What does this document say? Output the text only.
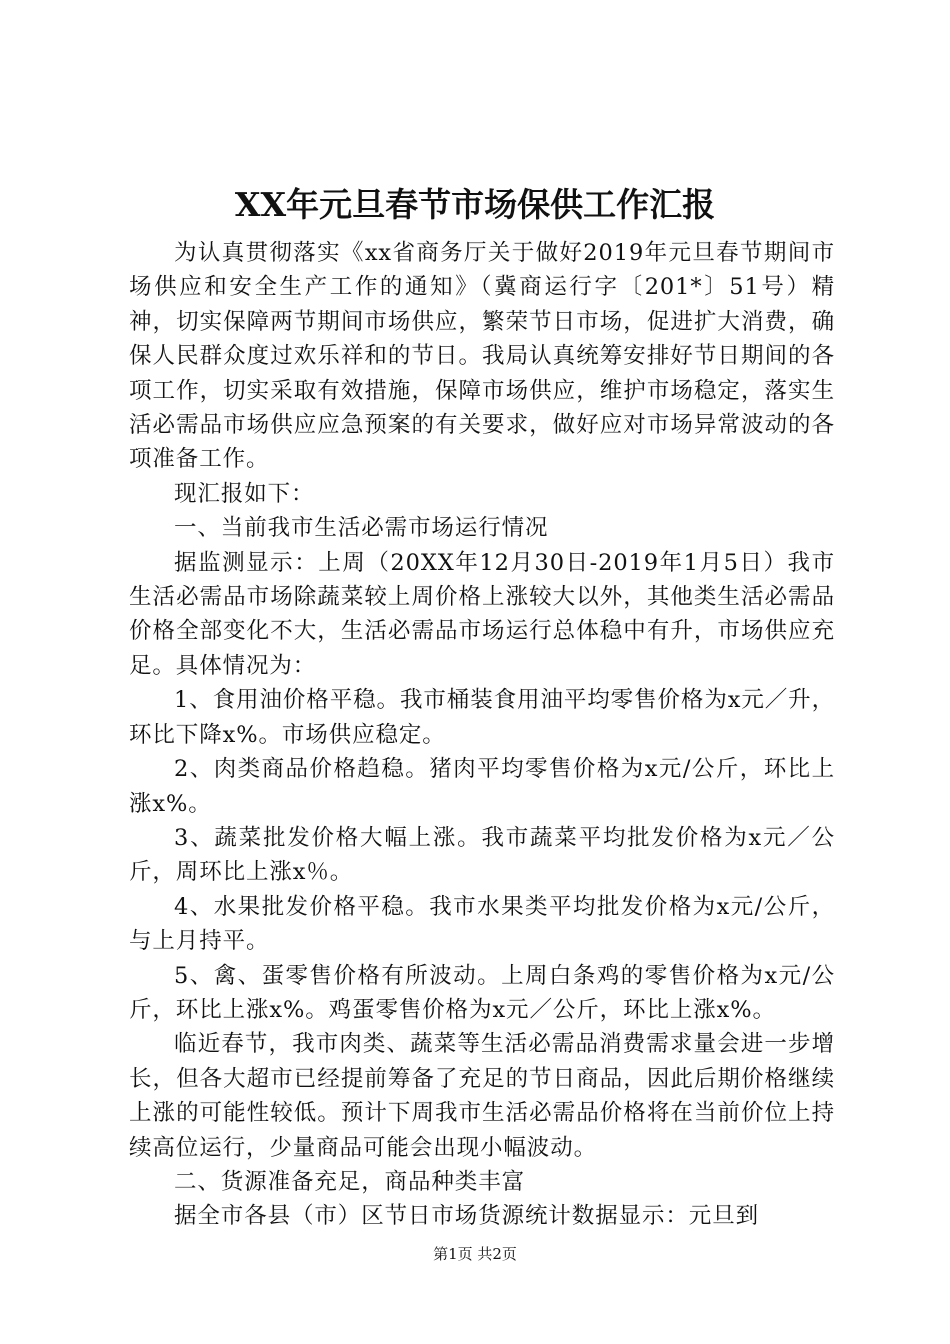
XX年元旦春节市场保供工作汇报

为认真贯彻落实《xx省商务厅关于做好2019年元旦春节期间市场供应和安全生产工作的通知》（冀商运行字〔201*〕51号）精神，切实保障两节期间市场供应，繁荣节日市场，促进扩大消费，确保人民群众度过欢乐祥和的节日。我局认真统筹安排好节日期间的各项工作，切实采取有效措施，保障市场供应，维护市场稳定，落实生活必需品市场供应应急预案的有关要求，做好应对市场异常波动的各项准备工作。

现汇报如下：

一、当前我市生活必需市场运行情况

据监测显示：上周（20XX年12月30日-2019年1月5日）我市生活必需品市场除蔬菜较上周价格上涨较大以外，其他类生活必需品价格全部变化不大，生活必需品市场运行总体稳中有升，市场供应充足。具体情况为：

1、食用油价格平稳。我市桶装食用油平均零售价格为x元／升，环比下降x%。市场供应稳定。

2、肉类商品价格趋稳。猪肉平均零售价格为x元/公斤，环比上涨x%。

3、蔬菜批发价格大幅上涨。我市蔬菜平均批发价格为x元／公斤，周环比上涨x％。

4、水果批发价格平稳。我市水果类平均批发价格为x元/公斤，与上月持平。

5、禽、蛋零售价格有所波动。上周白条鸡的零售价格为x元/公斤，环比上涨x%。鸡蛋零售价格为x元／公斤，环比上涨x%。

临近春节，我市肉类、蔬菜等生活必需品消费需求量会进一步增长，但各大超市已经提前筹备了充足的节日商品，因此后期价格继续上涨的可能性较低。预计下周我市生活必需品价格将在当前价位上持续高位运行，少量商品可能会出现小幅波动。

二、货源准备充足，商品种类丰富

据全市各县（市）区节日市场货源统计数据显示：元旦到

第1页 共2页
